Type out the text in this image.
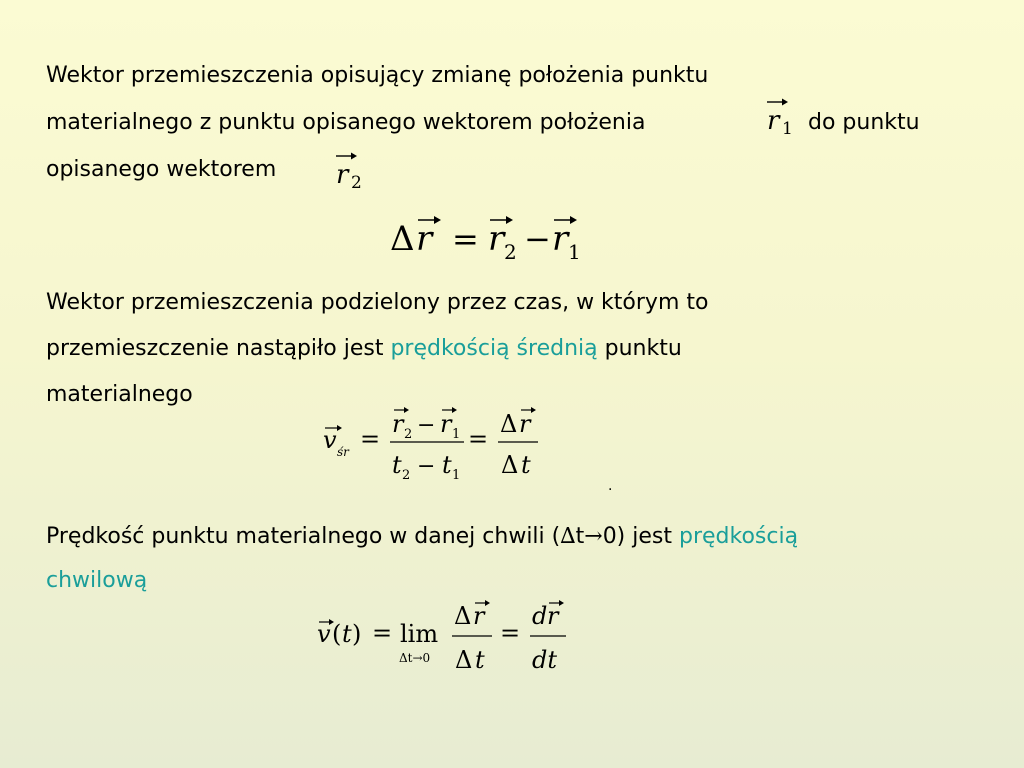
Wektor przemieszczenia opisujący zmianę położenia punktu

materialnego z punktu opisanego wektorem położenia	do punktu

opisanego wektorem

r 1
r 2
Δ r = r 2 − r 1

Wektor przemieszczenia podzielony przez czas, w którym to

przemieszczenie nastąpiło jest prędkością średnią punktu

materialnego

v śr =
r 2 − r 1
t 2 − t 1
=
Δ r
Δ t
.

Prędkość punktu materialnego w danej chwili (∆t→0) jest prędkością

chwilową

v ( t ) = lim
Δt→0
Δ r
Δ t
=
d r
dt
